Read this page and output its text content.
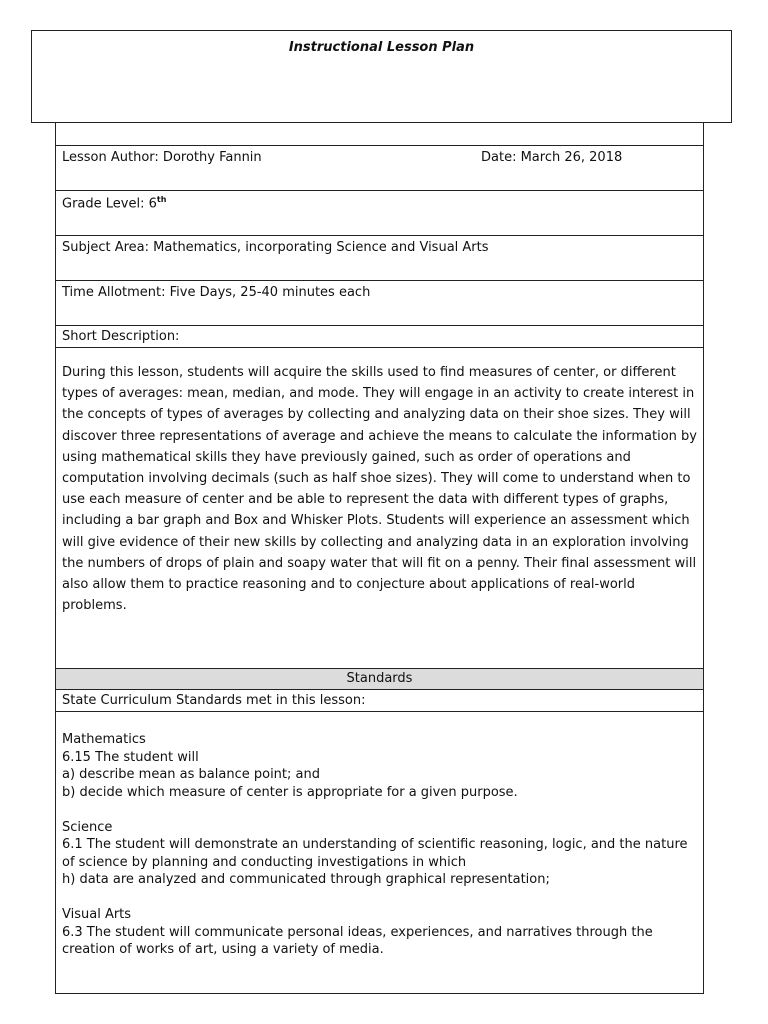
Instructional Lesson Plan
Lesson Author: Dorothy Fannin	Date: March 26, 2018
Grade Level: 6th
Subject Area: Mathematics, incorporating Science and Visual Arts
Time Allotment: Five Days, 25-40 minutes each
Short Description:
During this lesson, students will acquire the skills used to find measures of center, or different types of averages: mean, median, and mode. They will engage in an activity to create interest in the concepts of types of averages by collecting and analyzing data on their shoe sizes. They will discover three representations of average and achieve the means to calculate the information by using mathematical skills they have previously gained, such as order of operations and computation involving decimals (such as half shoe sizes). They will come to understand when to use each measure of center and be able to represent the data with different types of graphs, including a bar graph and Box and Whisker Plots. Students will experience an assessment which will give evidence of their new skills by collecting and analyzing data in an exploration involving the numbers of drops of plain and soapy water that will fit on a penny. Their final assessment will also allow them to practice reasoning and to conjecture about applications of real-world problems.
Standards
State Curriculum Standards met in this lesson:

Mathematics
6.15 The student will
a) describe mean as balance point; and
b) decide which measure of center is appropriate for a given purpose.

Science
6.1 The student will demonstrate an understanding of scientific reasoning, logic, and the nature of science by planning and conducting investigations in which
h) data are analyzed and communicated through graphical representation;

Visual Arts
6.3 The student will communicate personal ideas, experiences, and narratives through the creation of works of art, using a variety of media.
